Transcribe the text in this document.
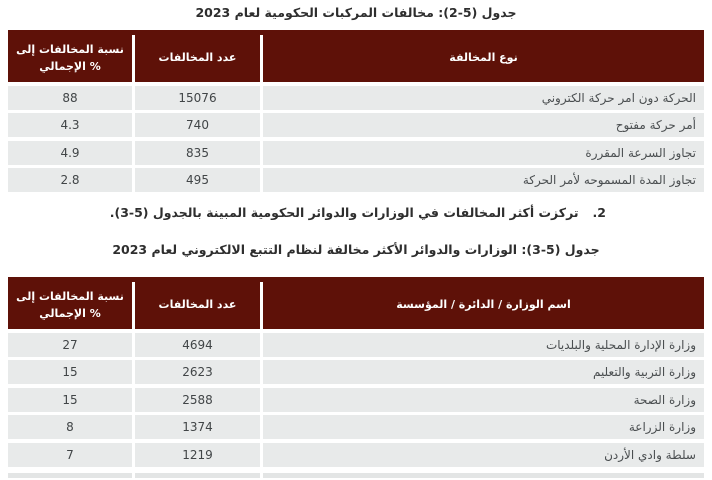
جدول (5-2): مخالفات المركبات الحكومية لعام 2023
نوع المخالفة
عدد المخالفات
نسبة المخالفات إلى الإجمالي %
الحركة دون امر حركة الكتروني
15076
88
أمر حركة مفتوح
740
4.3
تجاوز السرعة المقررة
835
4.9
تجاوز المدة المسموحه لأمر الحركة
495
2.8
2.تركزت أكثر المخالفات في الوزارات والدوائر الحكومية المبينة بالجدول (5-3).
جدول (5-3): الوزارات والدوائر الأكثر مخالفة لنظام التتبع الالكتروني لعام 2023
اسم الوزارة / الدائرة / المؤسسة
عدد المخالفات
نسبة المخالفات إلى الإجمالي %
وزارة الإدارة المحلية والبلديات
4694
27
وزارة التربية والتعليم
2623
15
وزارة الصحة
2588
15
وزارة الزراعة
1374
8
سلطة وادي الأردن
1219
7
